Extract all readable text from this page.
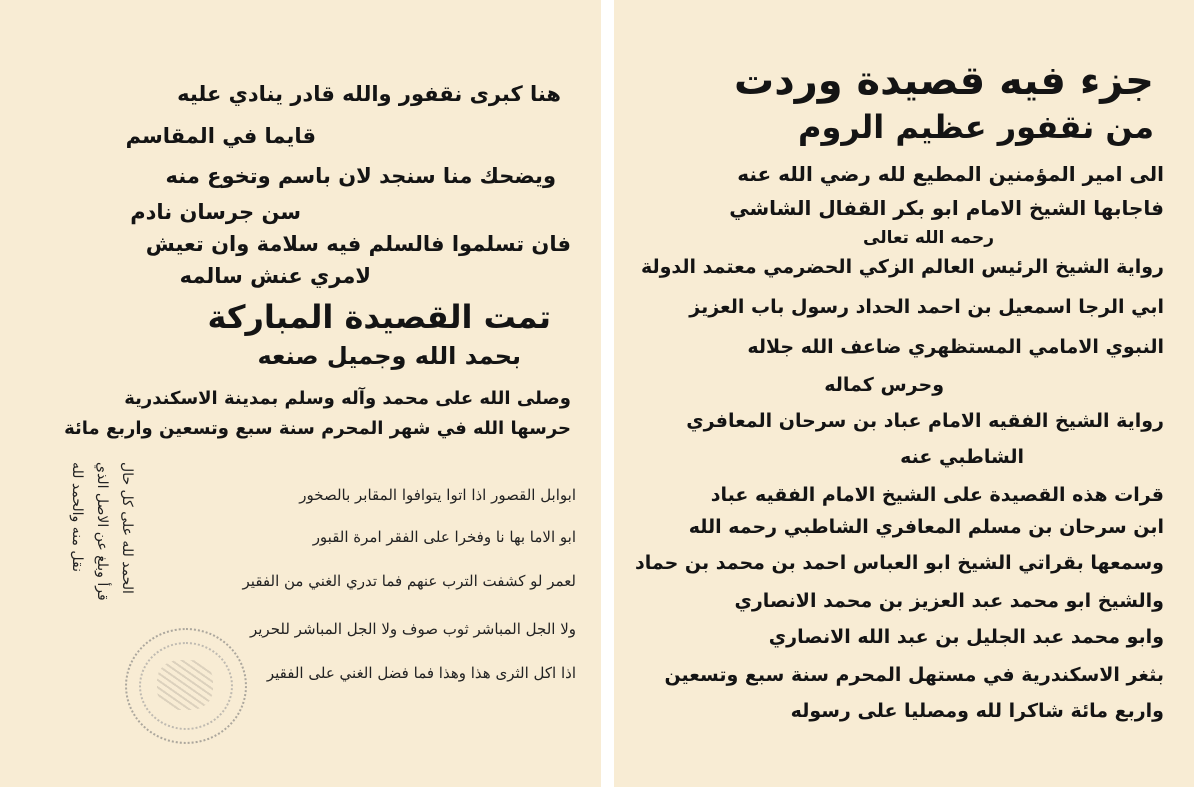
هنا كبرى نقفور والله قادر ينادي عليه
قايما في المقاسم
ويضحك منا سنجد لان باسم وتخوع منه
سن جرسان نادم
فان تسلموا فالسلم فيه سلامة وان تعيش
لامري عنش سالمه
تمت القصيدة المباركة
بحمد الله وجميل صنعه
وصلى الله على محمد وآله وسلم بمدينة الاسكندرية
حرسها الله في شهر المحرم سنة سبع وتسعين واربع مائة
ابوابل القصور اذا اتوا يتوافوا المقابر بالصخور
ابو الاما بها نا وفخرا على الفقر امرة القبور
لعمر لو كشفت الترب عنهم فما تدري الغني من الفقير
ولا الجل المباشر ثوب صوف ولا الجل المباشر للحرير
اذا اكل الثرى هذا وهذا فما فضل الغني على الفقير
الحمد لله على كل حال
قرأ وبلغ عن الاصل الذي
نقل منه والحمد لله
جزء فيه قصيدة وردت
من نقفور عظيم الروم
الى امير المؤمنين المطيع لله رضي الله عنه
فاجابها الشيخ الامام ابو بكر القفال الشاشي
رحمه الله تعالى
رواية الشيخ الرئيس العالم الزكي الحضرمي معتمد الدولة
ابي الرجا اسمعيل بن احمد الحداد رسول باب العزيز
النبوي الامامي المستظهري ضاعف الله جلاله
وحرس كماله
رواية الشيخ الفقيه الامام عباد بن سرحان المعافري
الشاطبي عنه
قرات هذه القصيدة على الشيخ الامام الفقيه عباد
ابن سرحان بن مسلم المعافري الشاطبي رحمه الله
وسمعها بقراتي الشيخ ابو العباس احمد بن محمد بن حماد
والشيخ ابو محمد عبد العزيز بن محمد الانصاري
وابو محمد عبد الجليل بن عبد الله الانصاري
بثغر الاسكندرية في مستهل المحرم سنة سبع وتسعين
واربع مائة شاكرا لله ومصليا على رسوله
